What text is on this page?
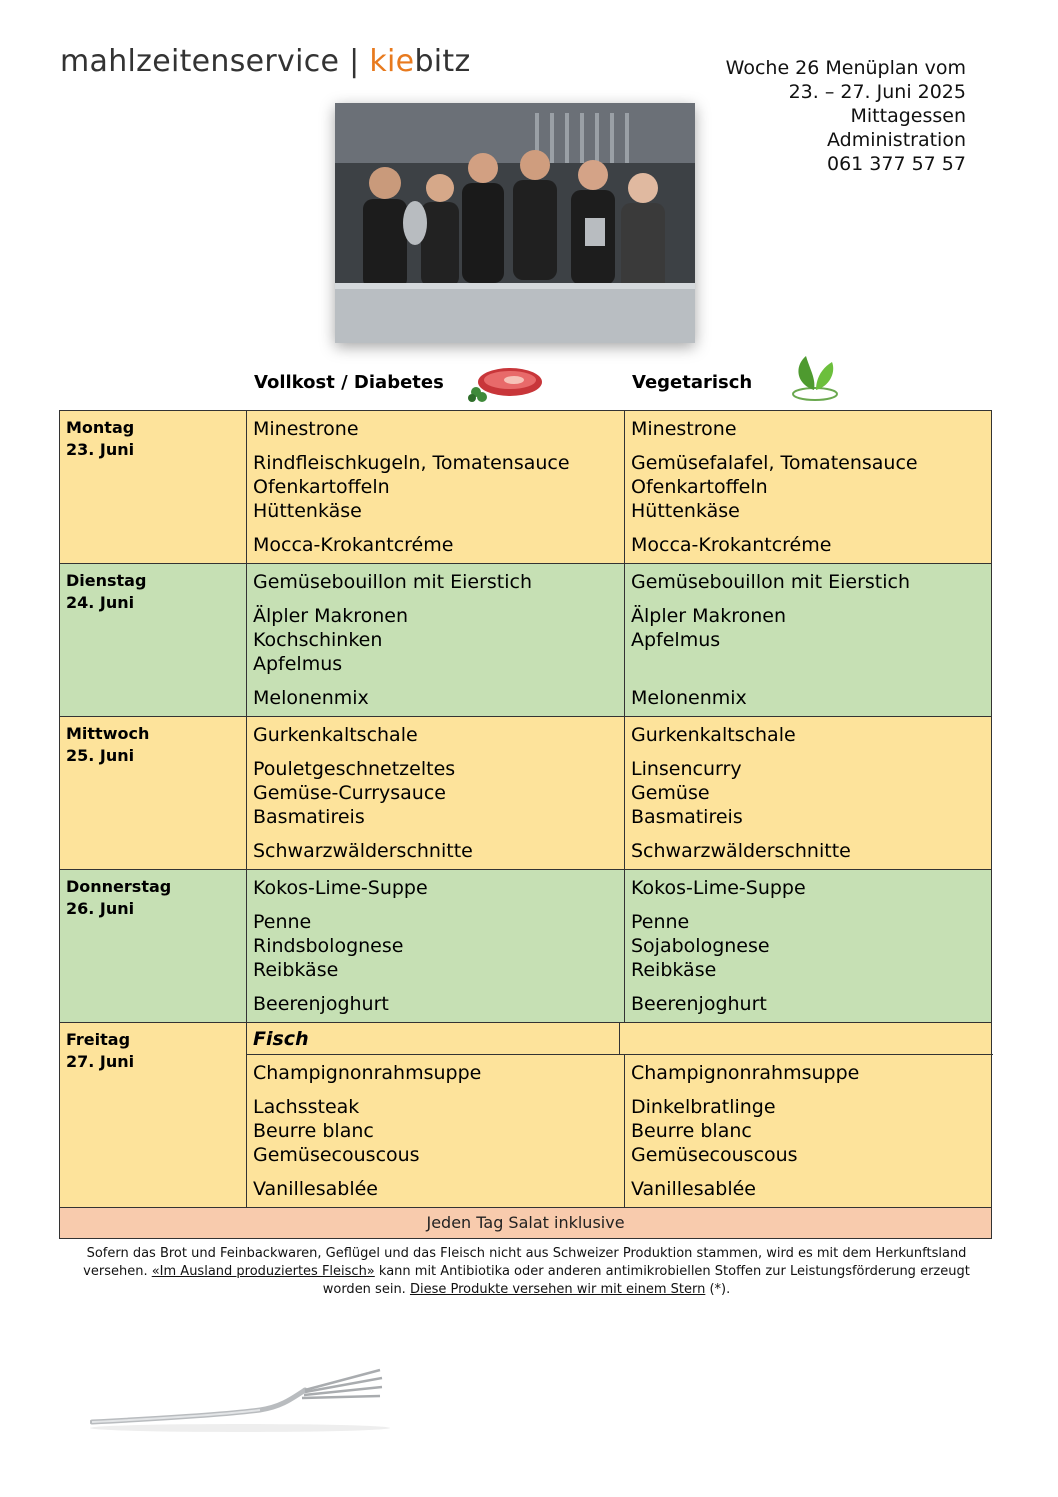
mahlzeitenservice | kiebitz	Woche 26 Menüplan vom
23. – 27. Juni 2025
Mittagessen
Administration
061 377 57 57
Vollkost / Diabetes	Vegetarisch
Montag
23. Juni
Minestrone
Rindfleischkugeln, Tomatensauce
Ofenkartoffeln
Hüttenkäse
Mocca-Krokantcréme
Minestrone
Gemüsefalafel, Tomatensauce
Ofenkartoffeln
Hüttenkäse
Mocca-Krokantcréme
Dienstag
24. Juni
Gemüsebouillon mit Eierstich
Älpler Makronen
Kochschinken
Apfelmus
Melonenmix
Gemüsebouillon mit Eierstich
Älpler Makronen
Apfelmus
Melonenmix
Mittwoch
25. Juni
Gurkenkaltschale
Pouletgeschnetzeltes
Gemüse-Currysauce
Basmatireis
Schwarzwälderschnitte
Gurkenkaltschale
Linsencurry
Gemüse
Basmatireis
Schwarzwälderschnitte
Donnerstag
26. Juni
Kokos-Lime-Suppe
Penne
Rindsbolognese
Reibkäse
Beerenjoghurt
Kokos-Lime-Suppe
Penne
Sojabolognese
Reibkäse
Beerenjoghurt
Freitag
27. Juni
Fisch
Champignonrahmsuppe
Lachssteak
Beurre blanc
Gemüsecouscous
Vanillesablée
Champignonrahmsuppe
Dinkelbratlinge
Beurre blanc
Gemüsecouscous
Vanillesablée
Jeden Tag Salat inklusive
Sofern das Brot und Feinbackwaren, Geflügel und das Fleisch nicht aus Schweizer Produktion stammen, wird es mit dem Herkunftsland versehen. «Im Ausland produziertes Fleisch» kann mit Antibiotika oder anderen antimikrobiellen Stoffen zur Leistungsförderung erzeugt worden sein. Diese Produkte versehen wir mit einem Stern (*).
